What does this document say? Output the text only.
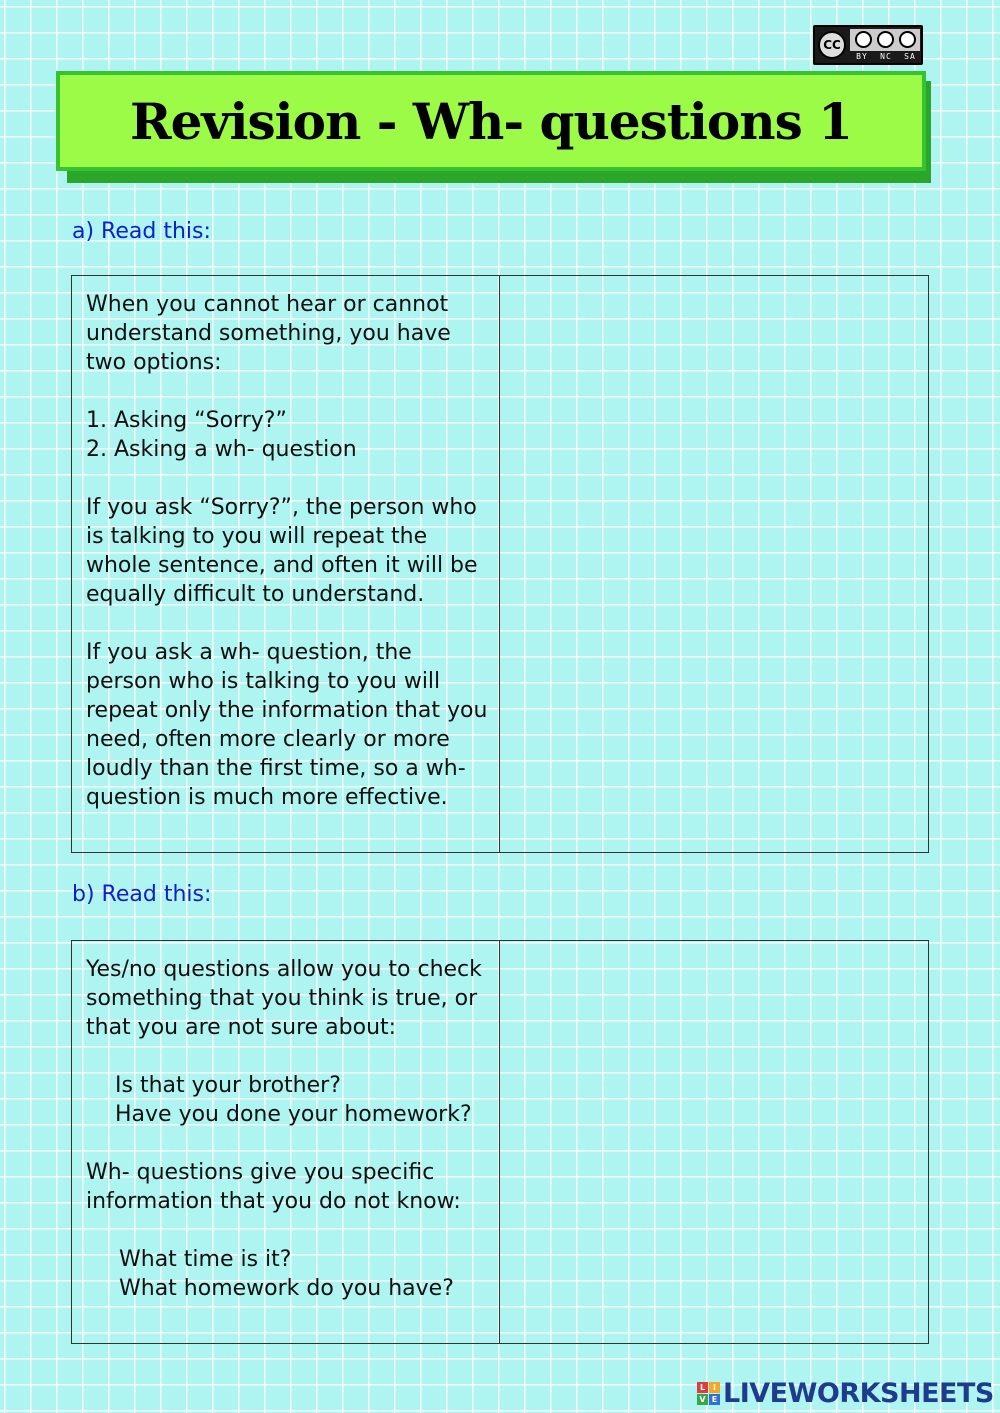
CC
BY NC SA
Revision - Wh- questions 1
a) Read this:
When you cannot hear or cannot understand something, you have two options:
1. Asking “Sorry?”
2. Asking a wh- question
If you ask “Sorry?”, the person who is talking to you will repeat the whole sentence, and often it will be equally difficult to understand.
If you ask a wh- question, the person who is talking to you will repeat only the information that you need, often more clearly or more loudly than the first time, so a wh- question is much more effective.
b) Read this:
Yes/no questions allow you to check something that you think is true, or that you are not sure about:
Is that your brother?
Have you done your homework?
Wh- questions give you specific information that you do not know:
What time is it?
What homework do you have?
L I
V E LIVEWORKSHEETS
